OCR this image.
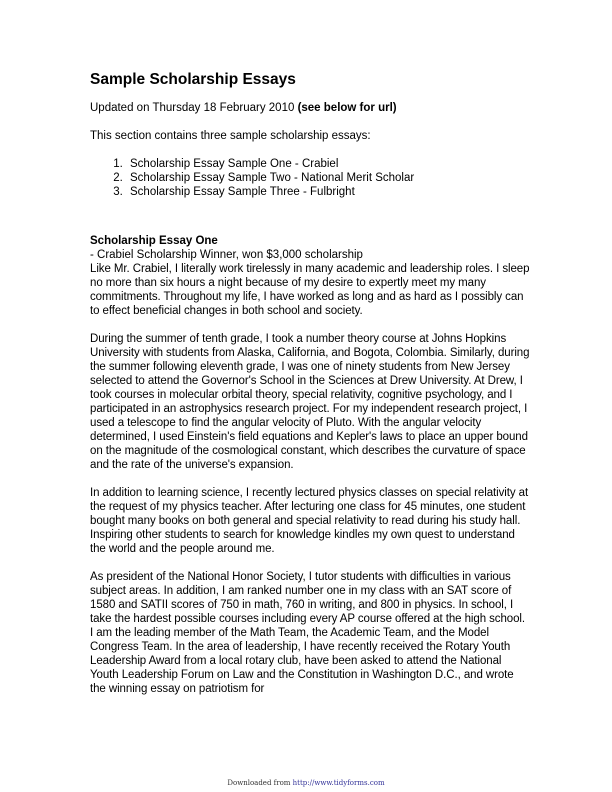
Sample Scholarship Essays

Updated on Thursday 18 February 2010 (see below for url)

This section contains three sample scholarship essays:

1. Scholarship Essay Sample One - Crabiel
2. Scholarship Essay Sample Two - National Merit Scholar
3. Scholarship Essay Sample Three - Fulbright

Scholarship Essay One

- Crabiel Scholarship Winner, won $3,000 scholarship

Like Mr. Crabiel, I literally work tirelessly in many academic and leadership roles. I sleep no more than six hours a night because of my desire to expertly meet my many commitments. Throughout my life, I have worked as long and as hard as I possibly can to effect beneficial changes in both school and society.

During the summer of tenth grade, I took a number theory course at Johns Hopkins University with students from Alaska, California, and Bogota, Colombia. Similarly, during the summer following eleventh grade, I was one of ninety students from New Jersey selected to attend the Governor's School in the Sciences at Drew University. At Drew, I took courses in molecular orbital theory, special relativity, cognitive psychology, and I participated in an astrophysics research project. For my independent research project, I used a telescope to find the angular velocity of Pluto. With the angular velocity determined, I used Einstein's field equations and Kepler's laws to place an upper bound on the magnitude of the cosmological constant, which describes the curvature of space and the rate of the universe's expansion.

In addition to learning science, I recently lectured physics classes on special relativity at the request of my physics teacher. After lecturing one class for 45 minutes, one student bought many books on both general and special relativity to read during his study hall. Inspiring other students to search for knowledge kindles my own quest to understand the world and the people around me.

As president of the National Honor Society, I tutor students with difficulties in various subject areas. In addition, I am ranked number one in my class with an SAT score of 1580 and SATII scores of 750 in math, 760 in writing, and 800 in physics. In school, I take the hardest possible courses including every AP course offered at the high school. I am the leading member of the Math Team, the Academic Team, and the Model Congress Team. In the area of leadership, I have recently received the Rotary Youth Leadership Award from a local rotary club, have been asked to attend the National Youth Leadership Forum on Law and the Constitution in Washington D.C., and wrote the winning essay on patriotism for

Downloaded from http://www.tidyforms.com
